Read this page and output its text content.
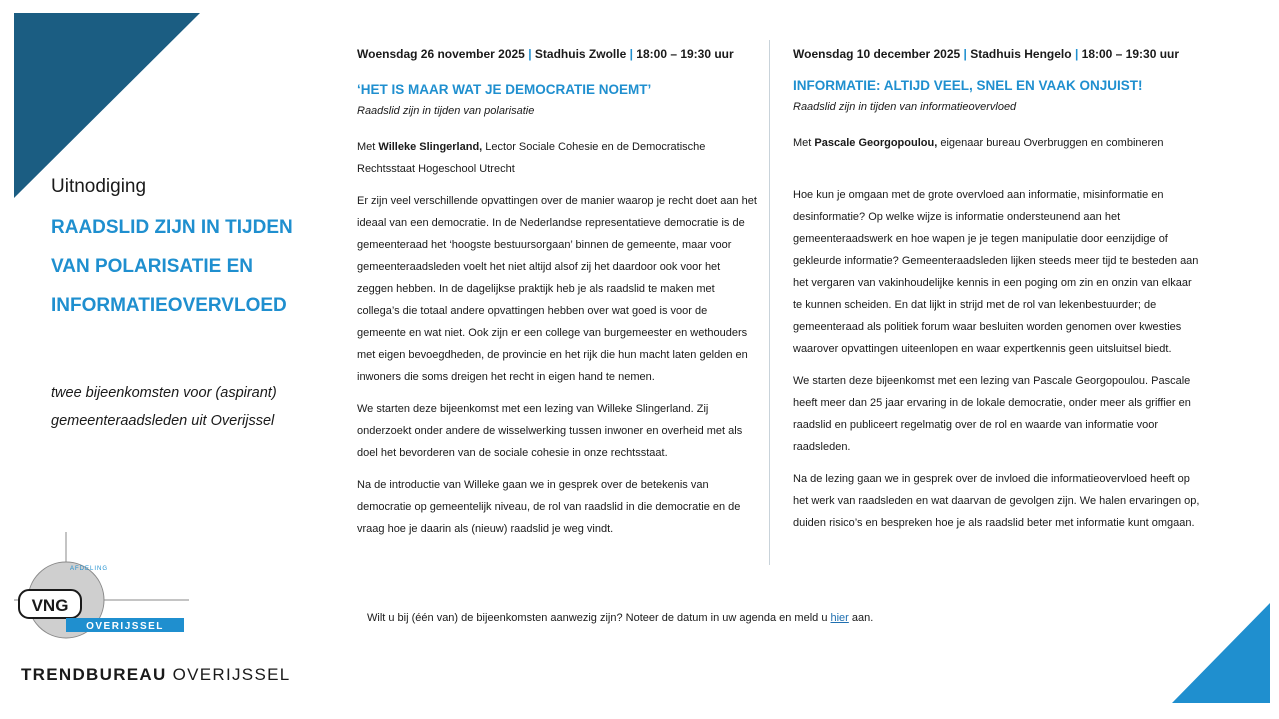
Uitnodiging
RAADSLID ZIJN IN TIJDEN
VAN POLARISATIE EN
INFORMATIEOVERVLOED
twee bijeenkomsten voor (aspirant)
gemeenteraadsleden uit Overijssel
Woensdag 26 november 2025 | Stadhuis Zwolle | 18:00 – 19:30 uur
‘HET IS MAAR WAT JE DEMOCRATIE NOEMT’
Raadslid zijn in tijden van polarisatie

Met Willeke Slingerland, Lector Sociale Cohesie en de Democratische Rechtsstaat Hogeschool Utrecht

Er zijn veel verschillende opvattingen over de manier waarop je recht doet aan het ideaal van een democratie. In de Nederlandse representatieve democratie is de gemeenteraad het ‘hoogste bestuursorgaan’ binnen de gemeente, maar voor gemeenteraadsleden voelt het niet altijd alsof zij het daardoor ook voor het zeggen hebben. In de dagelijkse praktijk heb je als raadslid te maken met collega’s die totaal andere opvattingen hebben over wat goed is voor de gemeente en wat niet. Ook zijn er een college van burgemeester en wethouders met eigen bevoegdheden, de provincie en het rijk die hun macht laten gelden en inwoners die soms dreigen het recht in eigen hand te nemen.

We starten deze bijeenkomst met een lezing van Willeke Slingerland. Zij onderzoekt onder andere de wisselwerking tussen inwoner en overheid met als doel het bevorderen van de sociale cohesie in onze rechtsstaat.

Na de introductie van Willeke gaan we in gesprek over de betekenis van democratie op gemeentelijk niveau, de rol van raadslid in die democratie en de vraag hoe je daarin als (nieuw) raadslid je weg vindt.

Woensdag 10 december 2025 | Stadhuis Hengelo | 18:00 – 19:30 uur
INFORMATIE: ALTIJD VEEL, SNEL EN VAAK ONJUIST!
Raadslid zijn in tijden van informatieovervloed

Met Pascale Georgopoulou, eigenaar bureau Overbruggen en combineren

Hoe kun je omgaan met de grote overvloed aan informatie, misinformatie en desinformatie? Op welke wijze is informatie ondersteunend aan het gemeenteraadswerk en hoe wapen je je tegen manipulatie door eenzijdige of gekleurde informatie? Gemeenteraadsleden lijken steeds meer tijd te besteden aan het vergaren van vakinhoudelijke kennis in een poging om zin en onzin van elkaar te kunnen scheiden. En dat lijkt in strijd met de rol van lekenbestuurder; de gemeenteraad als politiek forum waar besluiten worden genomen over kwesties waarover opvattingen uiteenlopen en waar expertkennis geen uitsluitsel biedt.

We starten deze bijeenkomst met een lezing van Pascale Georgopoulou. Pascale heeft meer dan 25 jaar ervaring in de lokale democratie, onder meer als griffier en raadslid en publiceert regelmatig over de rol en waarde van informatie voor raadsleden.

Na de lezing gaan we in gesprek over de invloed die informatieovervloed heeft op het werk van raadsleden en wat daarvan de gevolgen zijn. We halen ervaringen op, duiden risico’s en bespreken hoe je als raadslid beter met informatie kunt omgaan.

Wilt u bij (één van) de bijeenkomsten aanwezig zijn? Noteer de datum in uw agenda en meld u hier aan.
AFDELING
VNG
OVERIJSSEL
TRENDBUREAU OVERIJSSEL
